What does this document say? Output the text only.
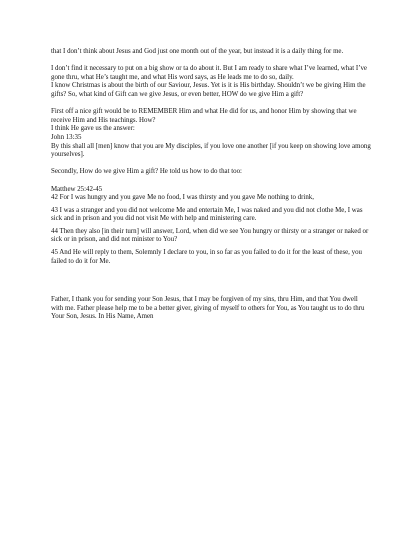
that I don’t think about Jesus and God just one month out of the year, but instead it is a daily thing for me.

I don’t find it necessary to put on a big show or ta do about it. But I am ready to share what I’ve learned, what I’ve gone thru, what He’s taught me, and what His word says, as He leads me to do so, daily.

I know Christmas is about the birth of our Saviour, Jesus. Yet is it is His birthday. Shouldn’t we be giving Him the gifts? So, what kind of Gift can we give Jesus, or even better, HOW do we give Him a gift?

First off a nice gift would be to REMEMBER Him and what He did for us, and honor Him by showing that we receive Him and His teachings. How?

I think He gave us the answer:

John 13:35

By this shall all [men] know that you are My disciples, if you love one another [if you keep on showing love among yourselves].

Secondly, How do we give Him a gift? He told us how to do that too:

Matthew 25:42-45

42 For I was hungry and you gave Me no food, I was thirsty and you gave Me nothing to drink,

43 I was a stranger and you did not welcome Me and entertain Me, I was naked and you did not clothe Me, I was sick and in prison and you did not visit Me with help and ministering care.

44 Then they also [in their turn] will answer, Lord, when did we see You hungry or thirsty or a stranger or naked or sick or in prison, and did not minister to You?

45 And He will reply to them, Solemnly I declare to you, in so far as you failed to do it for the least of these, you failed to do it for Me.

Father, I thank you for sending your Son Jesus, that I may be forgiven of my sins, thru Him, and that You dwell with me. Father please help me to be a better giver, giving of myself to others for You, as You taught us to do thru Your Son, Jesus. In His Name, Amen
